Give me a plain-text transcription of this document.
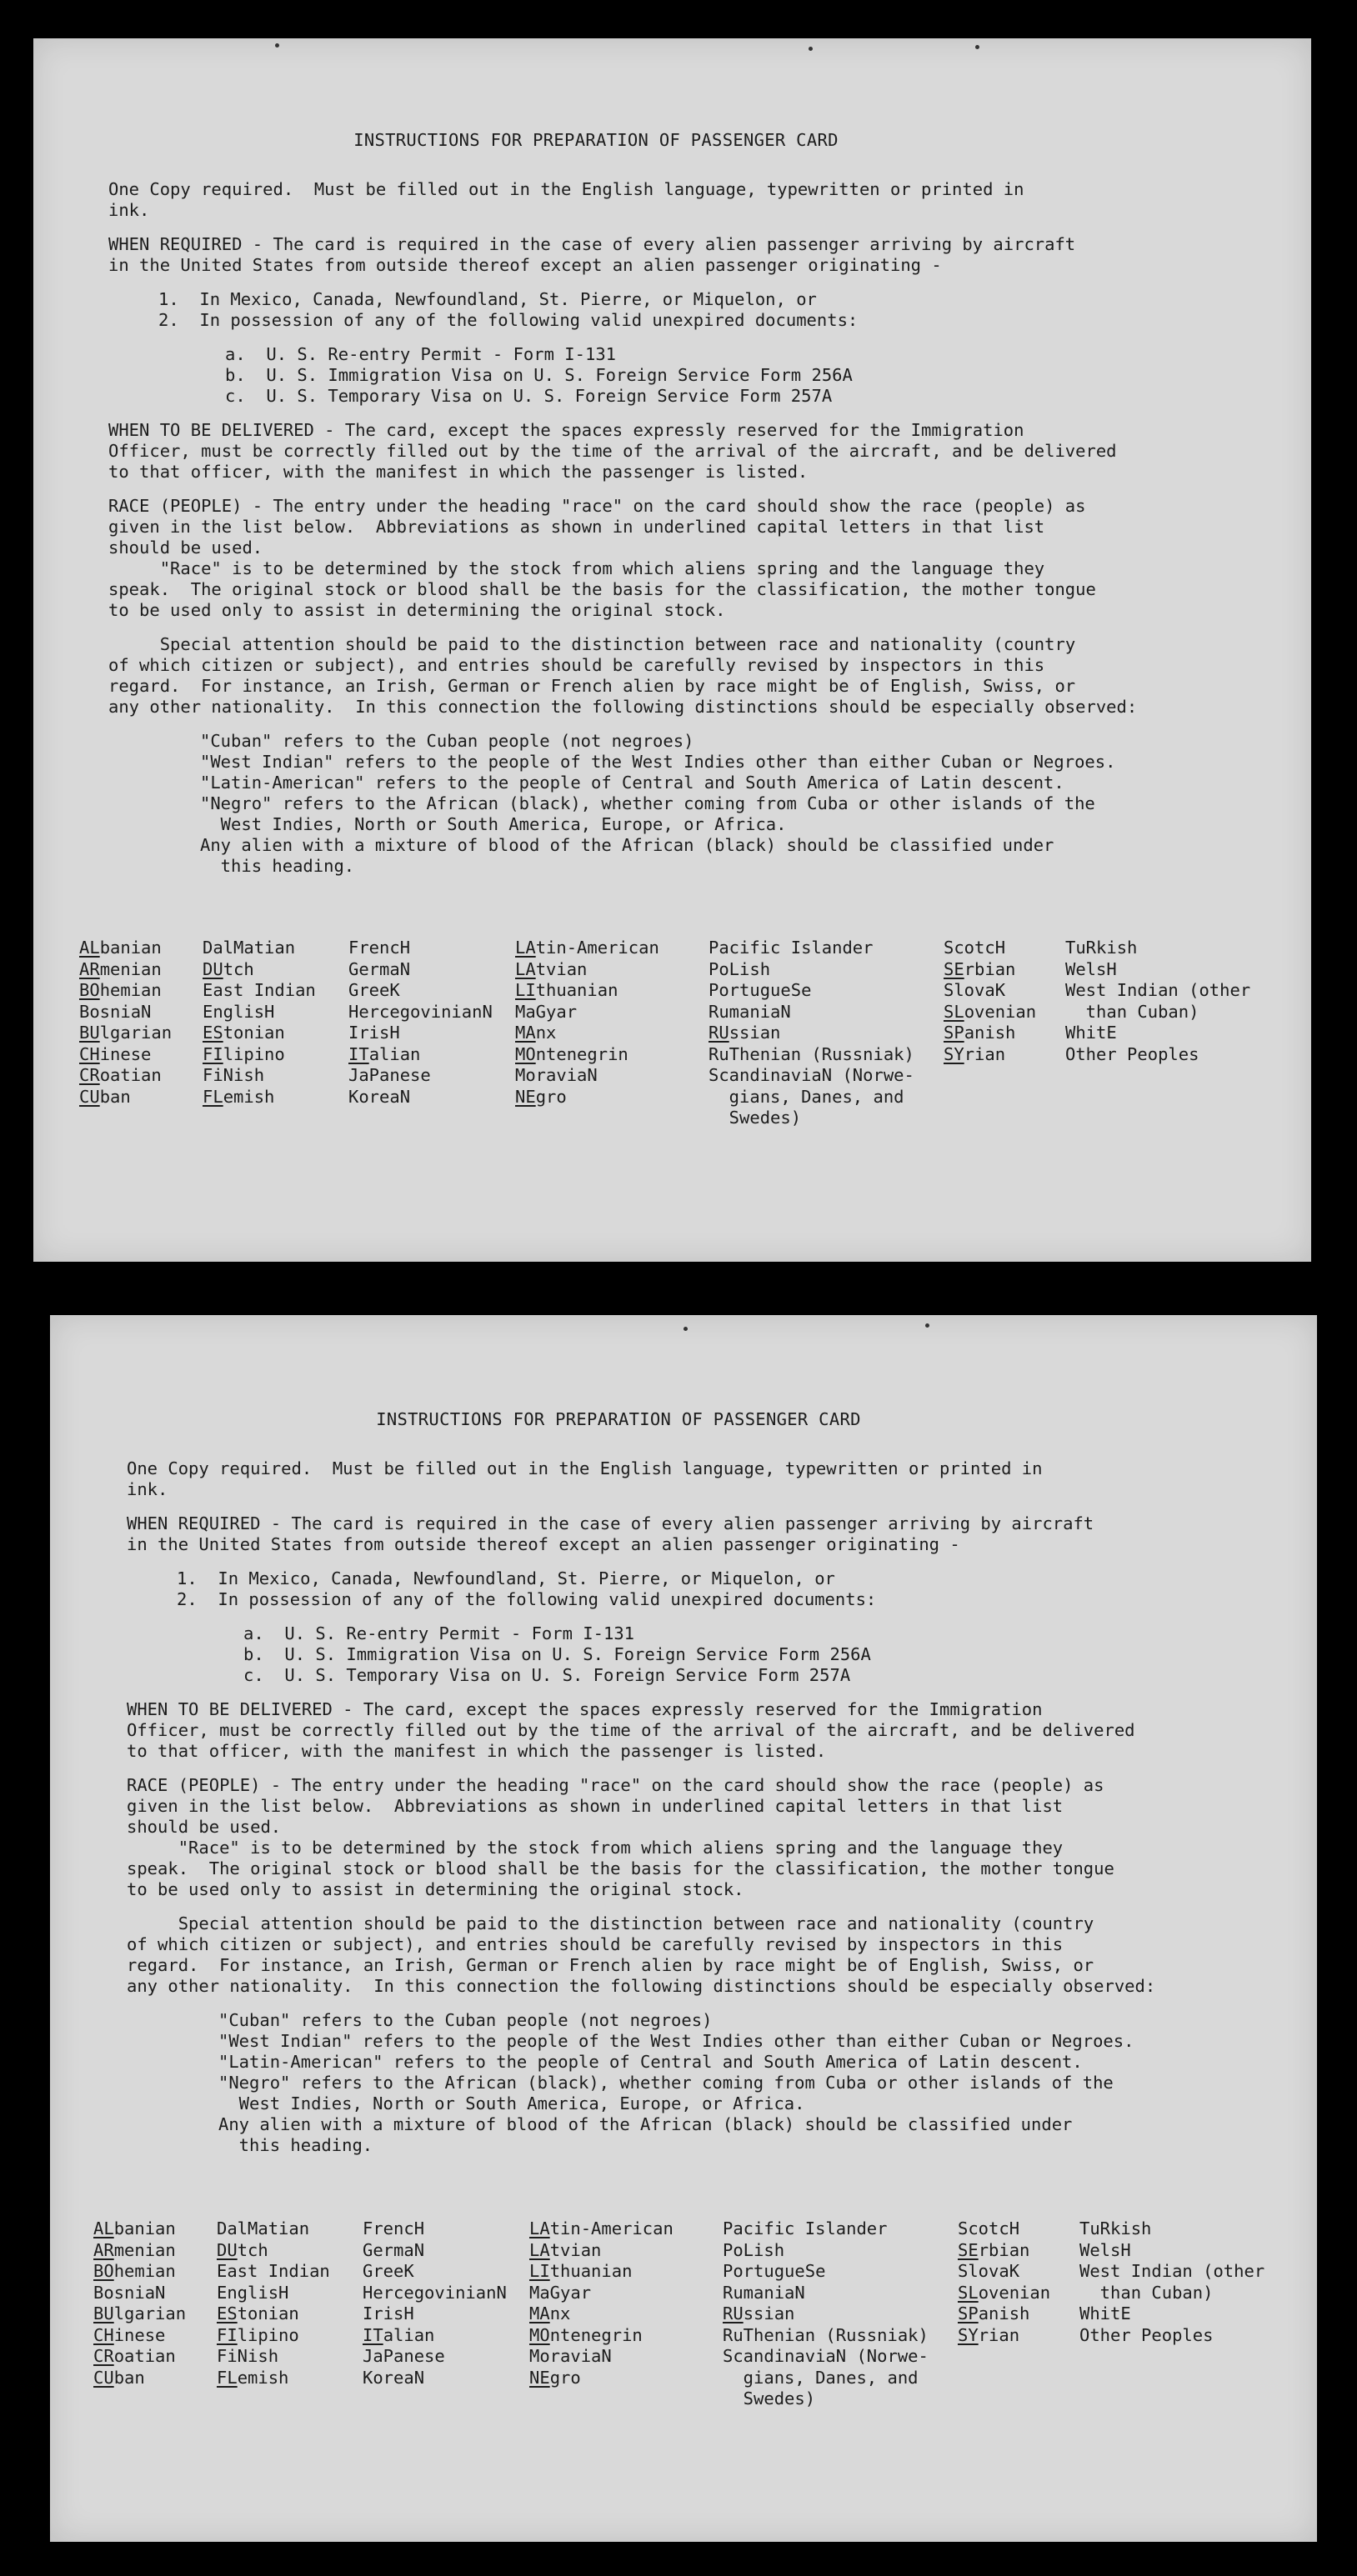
INSTRUCTIONS FOR PREPARATION OF PASSENGER CARD

One Copy required.  Must be filled out in the English language, typewritten or printed in
ink.

WHEN REQUIRED - The card is required in the case of every alien passenger arriving by aircraft
in the United States from outside thereof except an alien passenger originating -

1.  In Mexico, Canada, Newfoundland, St. Pierre, or Miquelon, or
2.  In possession of any of the following valid unexpired documents:
a.  U. S. Re-entry Permit - Form I-131
b.  U. S. Immigration Visa on U. S. Foreign Service Form 256A
c.  U. S. Temporary Visa on U. S. Foreign Service Form 257A

WHEN TO BE DELIVERED - The card, except the spaces expressly reserved for the Immigration
Officer, must be correctly filled out by the time of the arrival of the aircraft, and be delivered
to that officer, with the manifest in which the passenger is listed.

RACE (PEOPLE) - The entry under the heading "race" on the card should show the race (people) as
given in the list below.  Abbreviations as shown in underlined capital letters in that list
should be used.

"Race" is to be determined by the stock from which aliens spring and the language they
speak.  The original stock or blood shall be the basis for the classification, the mother tongue
to be used only to assist in determining the original stock.

Special attention should be paid to the distinction between race and nationality (country
of which citizen or subject), and entries should be carefully revised by inspectors in this
regard.  For instance, an Irish, German or French alien by race might be of English, Swiss, or
any other nationality.  In this connection the following distinctions should be especially observed:

"Cuban" refers to the Cuban people (not negroes)
"West Indian" refers to the people of the West Indies other than either Cuban or Negroes.
"Latin-American" refers to the people of Central and South America of Latin descent.
"Negro" refers to the African (black), whether coming from Cuba or other islands of the
West Indies, North or South America, Europe, or Africa.
Any alien with a mixture of blood of the African (black) should be classified under
this heading.
ALbanian
ARmenian
BOhemian
BosniaN
BUlgarian
CHinese
CRoatian
CUban
DalMatian
DUtch
East Indian
EnglisH
EStonian
FIlipino
FiNish
FLemish
FrencH
GermaN
GreeK
HercegovinianN
IrisH
ITalian
JaPanese
KoreaN
LAtin-American
LAtvian
LIthuanian
MaGyar
MAnx
MOntenegrin
MoraviaN
NEgro
Pacific Islander
PoLish
PortugueSe
RumaniaN
RUssian
RuThenian (Russniak)
ScandinaviaN (Norwe-
gians, Danes, and
Swedes)
ScotcH
SErbian
SlovaK
SLovenian
SPanish
SYrian
TuRkish
WelsH
West Indian (other
than Cuban)
WhitE
Other Peoples
INSTRUCTIONS FOR PREPARATION OF PASSENGER CARD

One Copy required.  Must be filled out in the English language, typewritten or printed in
ink.

WHEN REQUIRED - The card is required in the case of every alien passenger arriving by aircraft
in the United States from outside thereof except an alien passenger originating -

1.  In Mexico, Canada, Newfoundland, St. Pierre, or Miquelon, or
2.  In possession of any of the following valid unexpired documents:
a.  U. S. Re-entry Permit - Form I-131
b.  U. S. Immigration Visa on U. S. Foreign Service Form 256A
c.  U. S. Temporary Visa on U. S. Foreign Service Form 257A

WHEN TO BE DELIVERED - The card, except the spaces expressly reserved for the Immigration
Officer, must be correctly filled out by the time of the arrival of the aircraft, and be delivered
to that officer, with the manifest in which the passenger is listed.

RACE (PEOPLE) - The entry under the heading "race" on the card should show the race (people) as
given in the list below.  Abbreviations as shown in underlined capital letters in that list
should be used.

"Race" is to be determined by the stock from which aliens spring and the language they
speak.  The original stock or blood shall be the basis for the classification, the mother tongue
to be used only to assist in determining the original stock.

Special attention should be paid to the distinction between race and nationality (country
of which citizen or subject), and entries should be carefully revised by inspectors in this
regard.  For instance, an Irish, German or French alien by race might be of English, Swiss, or
any other nationality.  In this connection the following distinctions should be especially observed:

"Cuban" refers to the Cuban people (not negroes)
"West Indian" refers to the people of the West Indies other than either Cuban or Negroes.
"Latin-American" refers to the people of Central and South America of Latin descent.
"Negro" refers to the African (black), whether coming from Cuba or other islands of the
West Indies, North or South America, Europe, or Africa.
Any alien with a mixture of blood of the African (black) should be classified under
this heading.
ALbanian
ARmenian
BOhemian
BosniaN
BUlgarian
CHinese
CRoatian
CUban
DalMatian
DUtch
East Indian
EnglisH
EStonian
FIlipino
FiNish
FLemish
FrencH
GermaN
GreeK
HercegovinianN
IrisH
ITalian
JaPanese
KoreaN
LAtin-American
LAtvian
LIthuanian
MaGyar
MAnx
MOntenegrin
MoraviaN
NEgro
Pacific Islander
PoLish
PortugueSe
RumaniaN
RUssian
RuThenian (Russniak)
ScandinaviaN (Norwe-
gians, Danes, and
Swedes)
ScotcH
SErbian
SlovaK
SLovenian
SPanish
SYrian
TuRkish
WelsH
West Indian (other
than Cuban)
WhitE
Other Peoples
